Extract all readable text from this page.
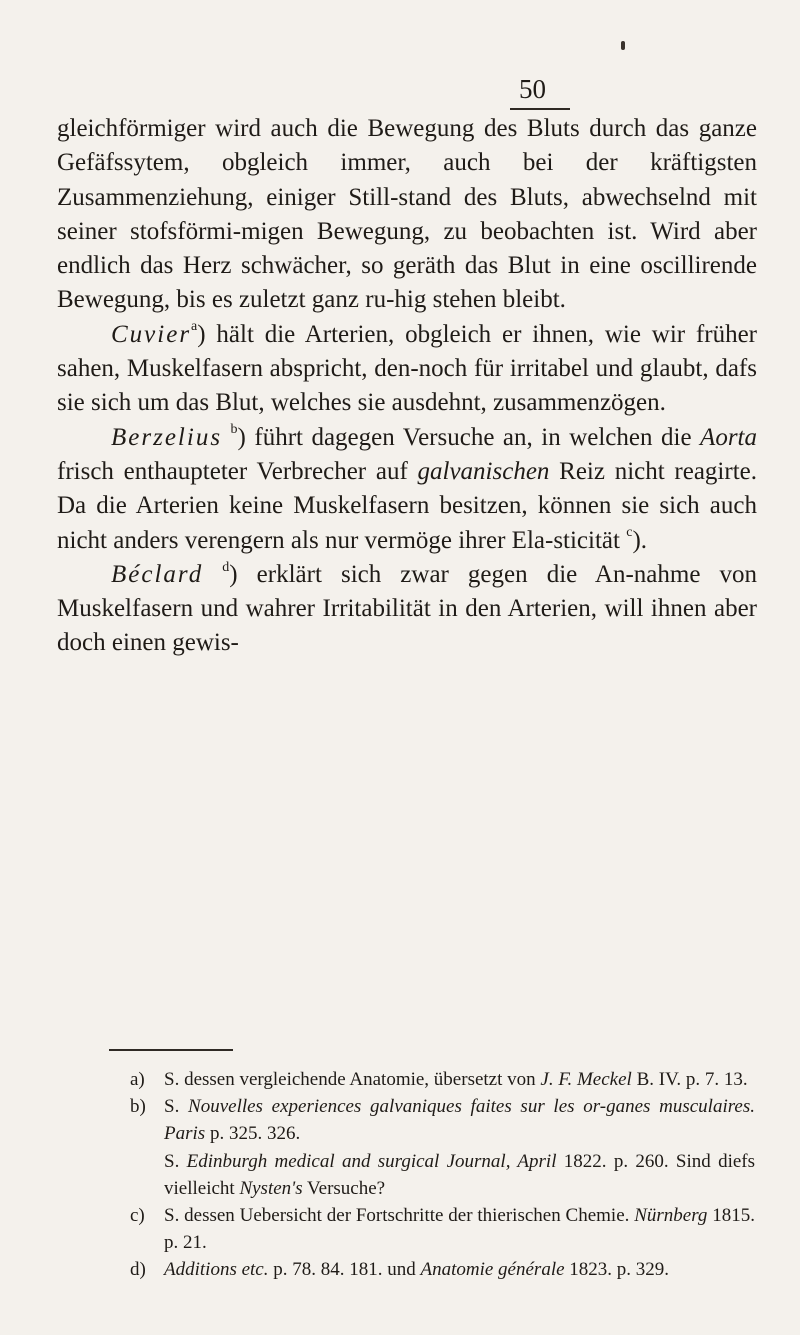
50

gleichförmiger wird auch die Bewegung des Bluts durch das ganze Gefäfssytem, obgleich immer, auch bei der kräftigsten Zusammenziehung, einiger Still-stand des Bluts, abwechselnd mit seiner stofsförmi-migen Bewegung, zu beobachten ist. Wird aber endlich das Herz schwächer, so geräth das Blut in eine oscillirende Bewegung, bis es zuletzt ganz ru-hig stehen bleibt.

Cuvier$^a$) hält die Arterien, obgleich er ihnen, wie wir früher sahen, Muskelfasern abspricht, den-noch für irritabel und glaubt, dafs sie sich um das Blut, welches sie ausdehnt, zusammenzögen.

Berzelius $^b$) führt dagegen Versuche an, in welchen die Aorta frisch enthaupteter Verbrecher auf galvanischen Reiz nicht reagirte. Da die Arterien keine Muskelfasern besitzen, können sie sich auch nicht anders verengern als nur vermöge ihrer Ela-sticität $^c$).

Béclard $^d$) erklärt sich zwar gegen die An-nahme von Muskelfasern und wahrer Irritabilität in den Arterien, will ihnen aber doch einen gewis-

a) S. dessen vergleichende Anatomie, übersetzt von J. F. Meckel B. IV. p. 7. 13.
b) S. Nouvelles experiences galvaniques faites sur les or-ganes musculaires. Paris p. 325. 326.
S. Edinburgh medical and surgical Journal, April 1822. p. 260. Sind diefs vielleicht Nysten's Versuche?
c) S. dessen Uebersicht der Fortschritte der thierischen Chemie. Nürnberg 1815. p. 21.
d) Additions etc. p. 78. 84. 181. und Anatomie générale 1823. p. 329.
